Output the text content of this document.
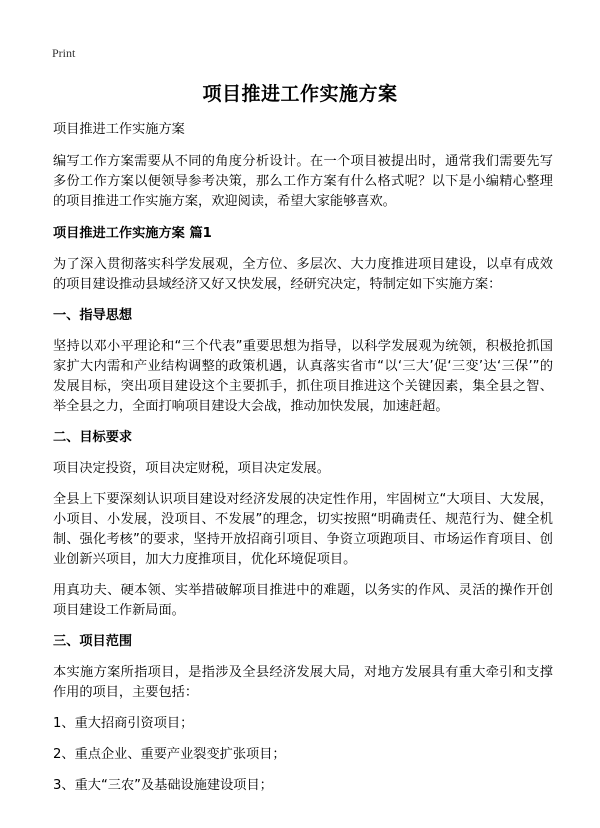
Print
项目推进工作实施方案

项目推进工作实施方案

编写工作方案需要从不同的角度分析设计。在一个项目被提出时，通常我们需要先写多份工作方案以便领导参考决策，那么工作方案有什么格式呢？以下是小编精心整理的项目推进工作实施方案，欢迎阅读，希望大家能够喜欢。

项目推进工作实施方案 篇1

为了深入贯彻落实科学发展观，全方位、多层次、大力度推进项目建设，以卓有成效的项目建设推动县域经济又好又快发展，经研究决定，特制定如下实施方案：

一、指导思想

坚持以邓小平理论和“三个代表”重要思想为指导，以科学发展观为统领，积极抢抓国家扩大内需和产业结构调整的政策机遇，认真落实省市“以‘三大’促‘三变’达‘三保’”的发展目标，突出项目建设这个主要抓手，抓住项目推进这个关键因素，集全县之智、举全县之力，全面打响项目建设大会战，推动加快发展，加速赶超。

二、目标要求

项目决定投资，项目决定财税，项目决定发展。

全县上下要深刻认识项目建设对经济发展的决定性作用，牢固树立“大项目、大发展，小项目、小发展，没项目、不发展”的理念，切实按照“明确责任、规范行为、健全机制、强化考核”的要求，坚持开放招商引项目、争资立项跑项目、市场运作育项目、创业创新兴项目，加大力度推项目，优化环境促项目。

用真功夫、硬本领、实举措破解项目推进中的难题，以务实的作风、灵活的操作开创项目建设工作新局面。

三、项目范围

本实施方案所指项目，是指涉及全县经济发展大局，对地方发展具有重大牵引和支撑作用的项目，主要包括：

1、重大招商引资项目；

2、重点企业、重要产业裂变扩张项目；

3、重大“三农”及基础设施建设项目；
